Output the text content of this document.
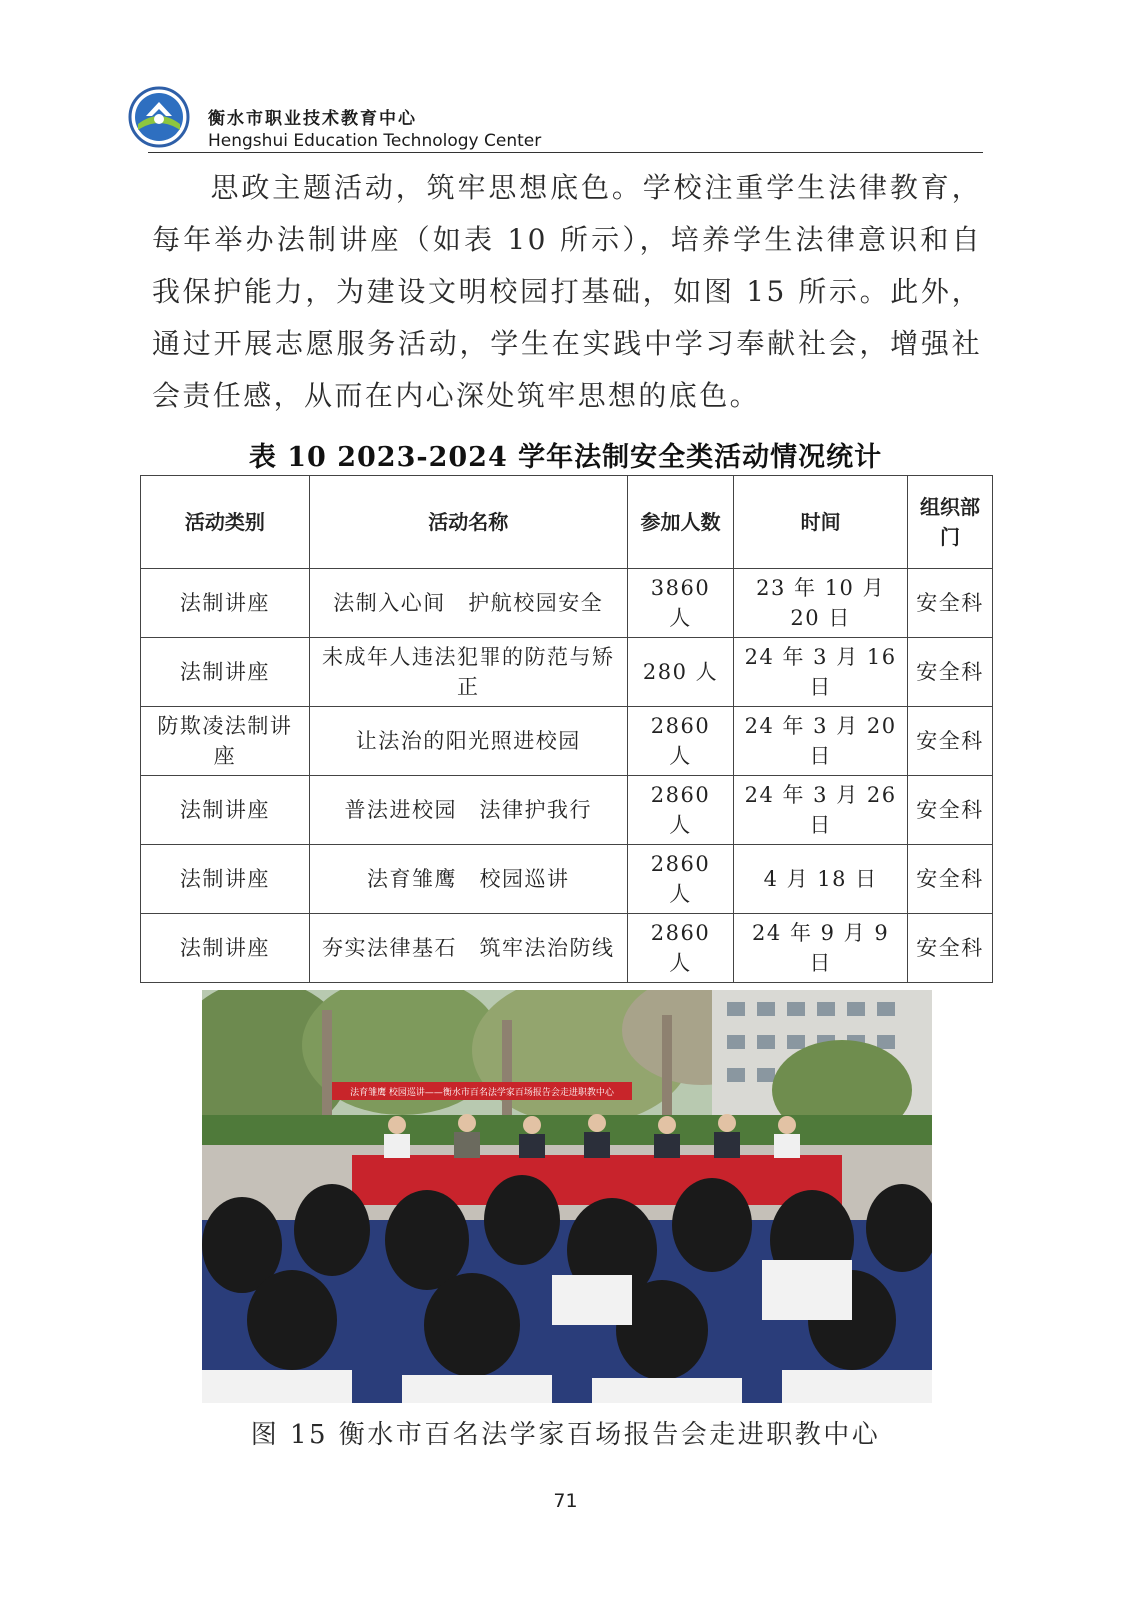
衡水市职业技术教育中心
Hengshui Education Technology Center
思政主题活动，筑牢思想底色。学校注重学生法律教育，每年举办法制讲座（如表 10 所示），培养学生法律意识和自我保护能力，为建设文明校园打基础，如图 15 所示。此外，通过开展志愿服务活动，学生在实践中学习奉献社会，增强社会责任感，从而在内心深处筑牢思想的底色。
表 10 2023-2024 学年法制安全类活动情况统计
活动类别	活动名称	参加人数	时间	组织部门
法制讲座	法制入心间　护航校园安全	3860 人	23 年 10 月 20 日	安全科
法制讲座	未成年人违法犯罪的防范与矫正	280 人	24 年 3 月 16 日	安全科
防欺凌法制讲座	让法治的阳光照进校园	2860 人	24 年 3 月 20 日	安全科
法制讲座	普法进校园　法律护我行	2860 人	24 年 3 月 26 日	安全科
法制讲座	法育雏鹰　校园巡讲	2860 人	4 月 18 日	安全科
法制讲座	夯实法律基石　筑牢法治防线	2860 人	24 年 9 月 9 日	安全科
法育雏鹰 校园巡讲——衡水市百名法学家百场报告会走进职教中心
图 15 衡水市百名法学家百场报告会走进职教中心
71
